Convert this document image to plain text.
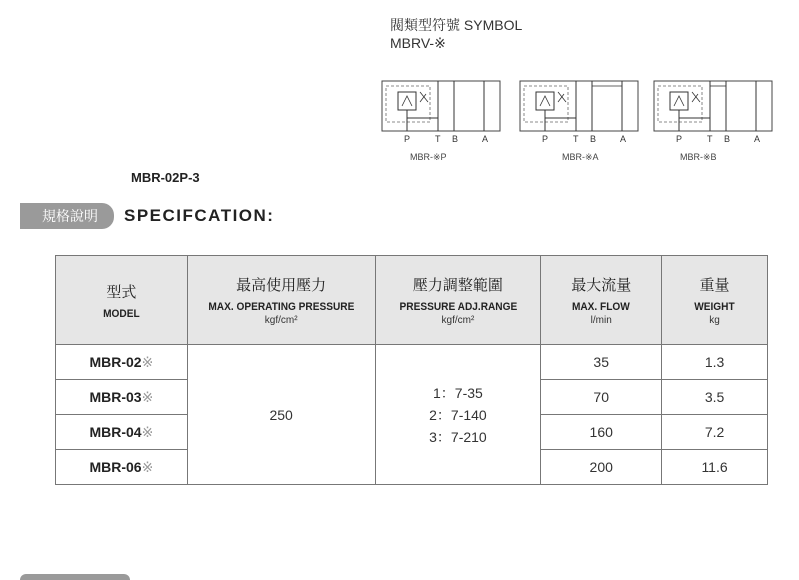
閥類型符號 SYMBOL
MBRV-※
P	T B	A
MBR-※P
P	T B	A
MBR-※A
P	T B	A
MBR-※B
MBR-02P-3
規格說明	SPECIFCATION:
型式
MODEL	最高使用壓力
MAX. OPERATING PRESSURE
kgf/cm²	壓力調整範圍
PRESSURE ADJ.RANGE
kgf/cm²	最大流量
MAX. FLOW
l/min	重量
WEIGHT
kg

MBR-02※	250	1：7-35
2：7-140
3：7-210	35	1.3
MBR-03※			70	3.5
MBR-04※			160	7.2
MBR-06※			200	11.6
